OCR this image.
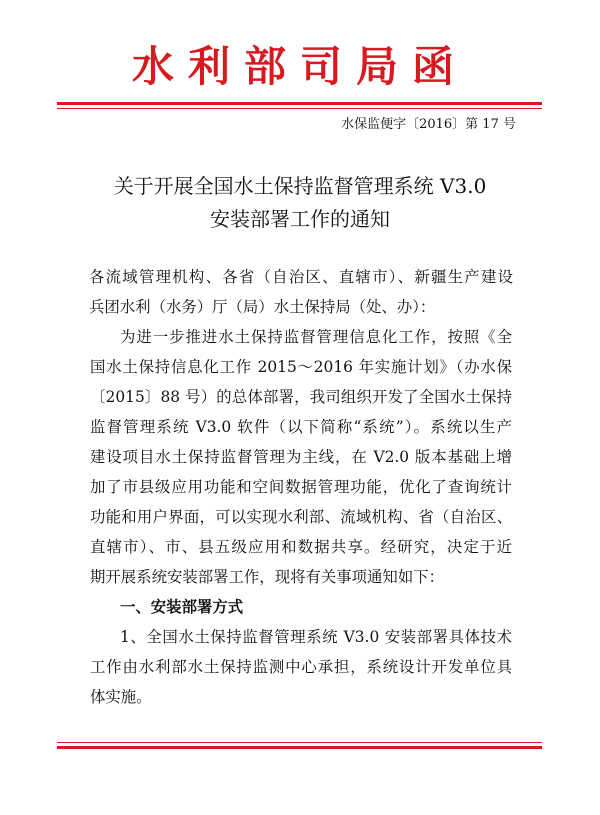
水利部司局函
水保监便字〔2016〕第 17 号
关于开展全国水土保持监督管理系统 V3.0
安装部署工作的通知
各流域管理机构、各省（自治区、直辖市）、新疆生产建设
兵团水利（水务）厅（局）水土保持局（处、办）：
为进一步推进水土保持监督管理信息化工作，按照《全
国水土保持信息化工作 2015～2016 年实施计划》（办水保
〔2015〕88 号）的总体部署，我司组织开发了全国水土保持
监督管理系统 V3.0 软件（以下简称“系统”）。系统以生产
建设项目水土保持监督管理为主线，在 V2.0 版本基础上增
加了市县级应用功能和空间数据管理功能，优化了查询统计
功能和用户界面，可以实现水利部、流域机构、省（自治区、
直辖市）、市、县五级应用和数据共享。经研究，决定于近
期开展系统安装部署工作，现将有关事项通知如下：
一、安装部署方式
1、全国水土保持监督管理系统 V3.0 安装部署具体技术
工作由水利部水土保持监测中心承担，系统设计开发单位具
体实施。
